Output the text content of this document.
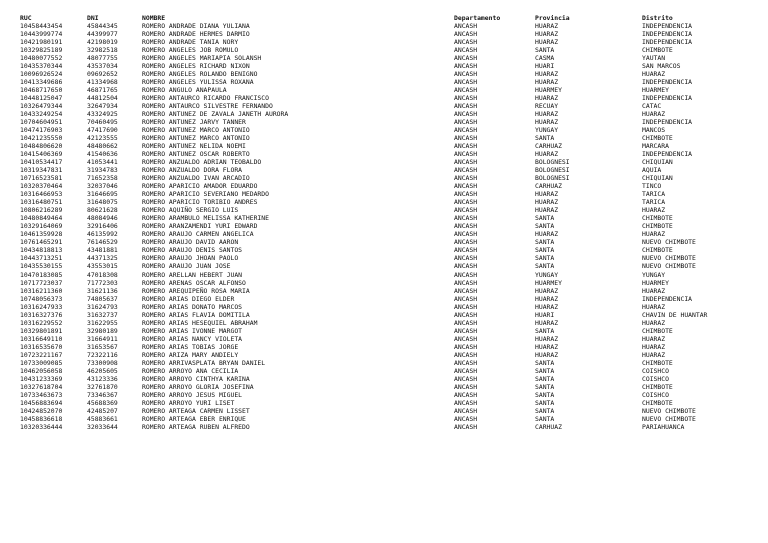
RUC	DNI	NOMBRE	Departamento	Provincia	Distrito
10458443454	45844345	ROMERO ANDRADE DIANA YULIANA	ANCASH	HUARAZ	INDEPENDENCIA
10443999774	44399977	ROMERO ANDRADE HERMES DARMIO	ANCASH	HUARAZ	INDEPENDENCIA
10421980191	42198019	ROMERO ANDRADE TANIA NORY	ANCASH	HUARAZ	INDEPENDENCIA
10329825189	32982518	ROMERO ANGELES JOB ROMULO	ANCASH	SANTA	CHIMBOTE
10480077552	48077755	ROMERO ANGELES MARIAPIA SOLANSH	ANCASH	CASMA	YAUTAN
10435370344	43537034	ROMERO ANGELES RICHARD NIXON	ANCASH	HUARI	SAN MARCOS
10096926524	09692652	ROMERO ANGELES ROLANDO BENIGNO	ANCASH	HUARAZ	HUARAZ
10413349686	41334968	ROMERO ANGELES YULISSA ROXANA	ANCASH	HUARAZ	INDEPENDENCIA
10468717650	46871765	ROMERO ANGULO ANAPAULA	ANCASH	HUARMEY	HUARMEY
10448125047	44812504	ROMERO ANTAURCO RICARDO FRANCISCO	ANCASH	HUARAZ	INDEPENDENCIA
10326479344	32647934	ROMERO ANTAURCO SILVESTRE FERNANDO	ANCASH	RECUAY	CATAC
10433249254	43324925	ROMERO ANTUNEZ DE ZAVALA JANETH AURORA	ANCASH	HUARAZ	HUARAZ
10704604951	70460495	ROMERO ANTUNEZ JARVY TANNER	ANCASH	HUARAZ	INDEPENDENCIA
10474176903	47417690	ROMERO ANTUNEZ MARCO ANTONIO	ANCASH	YUNGAY	MANCOS
10421235550	42123555	ROMERO ANTUNEZ MARCO ANTONIO	ANCASH	SANTA	CHIMBOTE
10484806620	48480662	ROMERO ANTUNEZ NELIDA NOEMI	ANCASH	CARHUAZ	MARCARA
10415406369	41540636	ROMERO ANTUNEZ OSCAR ROBERTO	ANCASH	HUARAZ	INDEPENDENCIA
10410534417	41053441	ROMERO ANZUALDO ADRIAN TEOBALDO	ANCASH	BOLOGNESI	CHIQUIAN
10319347831	31934783	ROMERO ANZUALDO DORA FLORA	ANCASH	BOLOGNESI	AQUIA
10716523581	71652358	ROMERO ANZUALDO IVAN ARCADIO	ANCASH	BOLOGNESI	CHIQUIAN
10320370464	32037046	ROMERO APARICIO AMADOR EDUARDO	ANCASH	CARHUAZ	TINCO
10316466953	31646695	ROMERO APARICIO SEVERIANO MEDARDO	ANCASH	HUARAZ	TARICA
10316480751	31648075	ROMERO APARICIO TORIBIO ANDRES	ANCASH	HUARAZ	TARICA
10806216289	80621628	ROMERO AQUIÑO SERGIO LUIS	ANCASH	HUARAZ	HUARAZ
10480849464	48084946	ROMERO ARAMBULO MELISSA KATHERINE	ANCASH	SANTA	CHIMBOTE
10329164069	32916406	ROMERO ARANZAMENDI YURI EDWARD	ANCASH	SANTA	CHIMBOTE
10461359928	46135992	ROMERO ARAUJO CARMEN ANGELICA	ANCASH	HUARAZ	HUARAZ
10761465291	76146529	ROMERO ARAUJO DAVID AARON	ANCASH	SANTA	NUEVO CHIMBOTE
10434818813	43481881	ROMERO ARAUJO DENIS SANTOS	ANCASH	SANTA	CHIMBOTE
10443713251	44371325	ROMERO ARAUJO JHOAN PAOLO	ANCASH	SANTA	NUEVO CHIMBOTE
10435530155	43553015	ROMERO ARAUJO JUAN JOSE	ANCASH	SANTA	NUEVO CHIMBOTE
10470183085	47018308	ROMERO ARELLAN HEBERT JUAN	ANCASH	YUNGAY	YUNGAY
10717723037	71772303	ROMERO ARENAS OSCAR ALFONSO	ANCASH	HUARMEY	HUARMEY
10316211360	31621136	ROMERO AREQUIPEÑO ROSA MARIA	ANCASH	HUARAZ	HUARAZ
10748056373	74805637	ROMERO ARIAS DIEGO ELDER	ANCASH	HUARAZ	INDEPENDENCIA
10316247933	31624793	ROMERO ARIAS DONATO MARCOS	ANCASH	HUARAZ	HUARAZ
10316327376	31632737	ROMERO ARIAS FLAVIA DOMITILA	ANCASH	HUARI	CHAVIN DE HUANTAR
10316229552	31622955	ROMERO ARIAS HESEQUIEL ABRAHAM	ANCASH	HUARAZ	HUARAZ
10329801891	32980189	ROMERO ARIAS IVONNE MARGOT	ANCASH	SANTA	CHIMBOTE
10316649110	31664911	ROMERO ARIAS NANCY VIOLETA	ANCASH	HUARAZ	HUARAZ
10316535670	31653567	ROMERO ARIAS TOBIAS JORGE	ANCASH	HUARAZ	HUARAZ
10723221167	72322116	ROMERO ARIZA MARY ANDIELY	ANCASH	HUARAZ	HUARAZ
10733009085	73300908	ROMERO ARRIVASPLATA BRYAN DANIEL	ANCASH	SANTA	CHIMBOTE
10462056058	46205605	ROMERO ARROYO ANA CECILIA	ANCASH	SANTA	COISHCO
10431233369	43123336	ROMERO ARROYO CINTHYA KARINA	ANCASH	SANTA	COISHCO
10327618704	32761870	ROMERO ARROYO GLORIA JOSEFINA	ANCASH	SANTA	CHIMBOTE
10733463673	73346367	ROMERO ARROYO JESUS MIGUEL	ANCASH	SANTA	COISHCO
10456883694	45688369	ROMERO ARROYO YURI LISET	ANCASH	SANTA	CHIMBOTE
10424852070	42485207	ROMERO ARTEAGA CARMEN LISSET	ANCASH	SANTA	NUEVO CHIMBOTE
10458836618	45883661	ROMERO ARTEAGA EBER ENRIQUE	ANCASH	SANTA	NUEVO CHIMBOTE
10320336444	32033644	ROMERO ARTEAGA RUBEN ALFREDO	ANCASH	CARHUAZ	PARIAHUANCA
